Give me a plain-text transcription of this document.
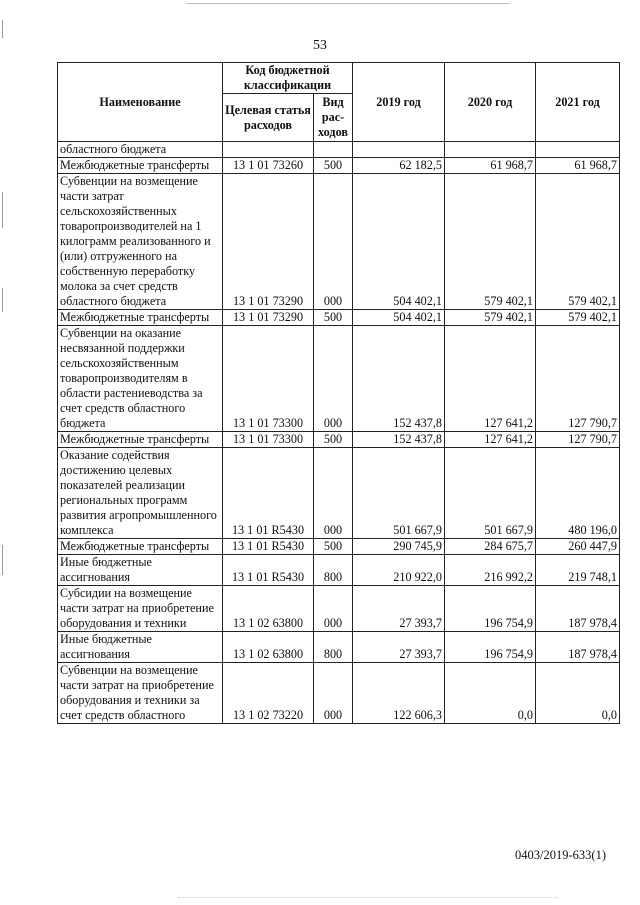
53
Наименование	Код бюджетной классификации		2019 год	2020 год	2021 год
	Целевая статья расходов	Вид рас-ходов			
областного бюджета					
Межбюджетные трансферты	13 1 01 73260	500	62 182,5	61 968,7	61 968,7
Субвенции на возмещение части затрат сельскохозяйственных товаропроизводителей на 1 килограмм реализованного и (или) отгруженного на собственную переработку молока за счет средств областного бюджета	13 1 01 73290	000	504 402,1	579 402,1	579 402,1
Межбюджетные трансферты	13 1 01 73290	500	504 402,1	579 402,1	579 402,1
Субвенции на оказание несвязанной поддержки сельскохозяйственным товаропроизводителям в области растениеводства за счет средств областного бюджета	13 1 01 73300	000	152 437,8	127 641,2	127 790,7
Межбюджетные трансферты	13 1 01 73300	500	152 437,8	127 641,2	127 790,7
Оказание содействия достижению целевых показателей реализации региональных программ развития агропромышленного комплекса	13 1 01 R5430	000	501 667,9	501 667,9	480 196,0
Межбюджетные трансферты	13 1 01 R5430	500	290 745,9	284 675,7	260 447,9
Иные бюджетные ассигнования	13 1 01 R5430	800	210 922,0	216 992,2	219 748,1
Субсидии на возмещение части затрат на приобретение оборудования и техники	13 1 02 63800	000	27 393,7	196 754,9	187 978,4
Иные бюджетные ассигнования	13 1 02 63800	800	27 393,7	196 754,9	187 978,4
Субвенции на возмещение части затрат на приобретение оборудования и техники за счет средств областного	13 1 02 73220	000	122 606,3	0,0	0,0
0403/2019-633(1)
